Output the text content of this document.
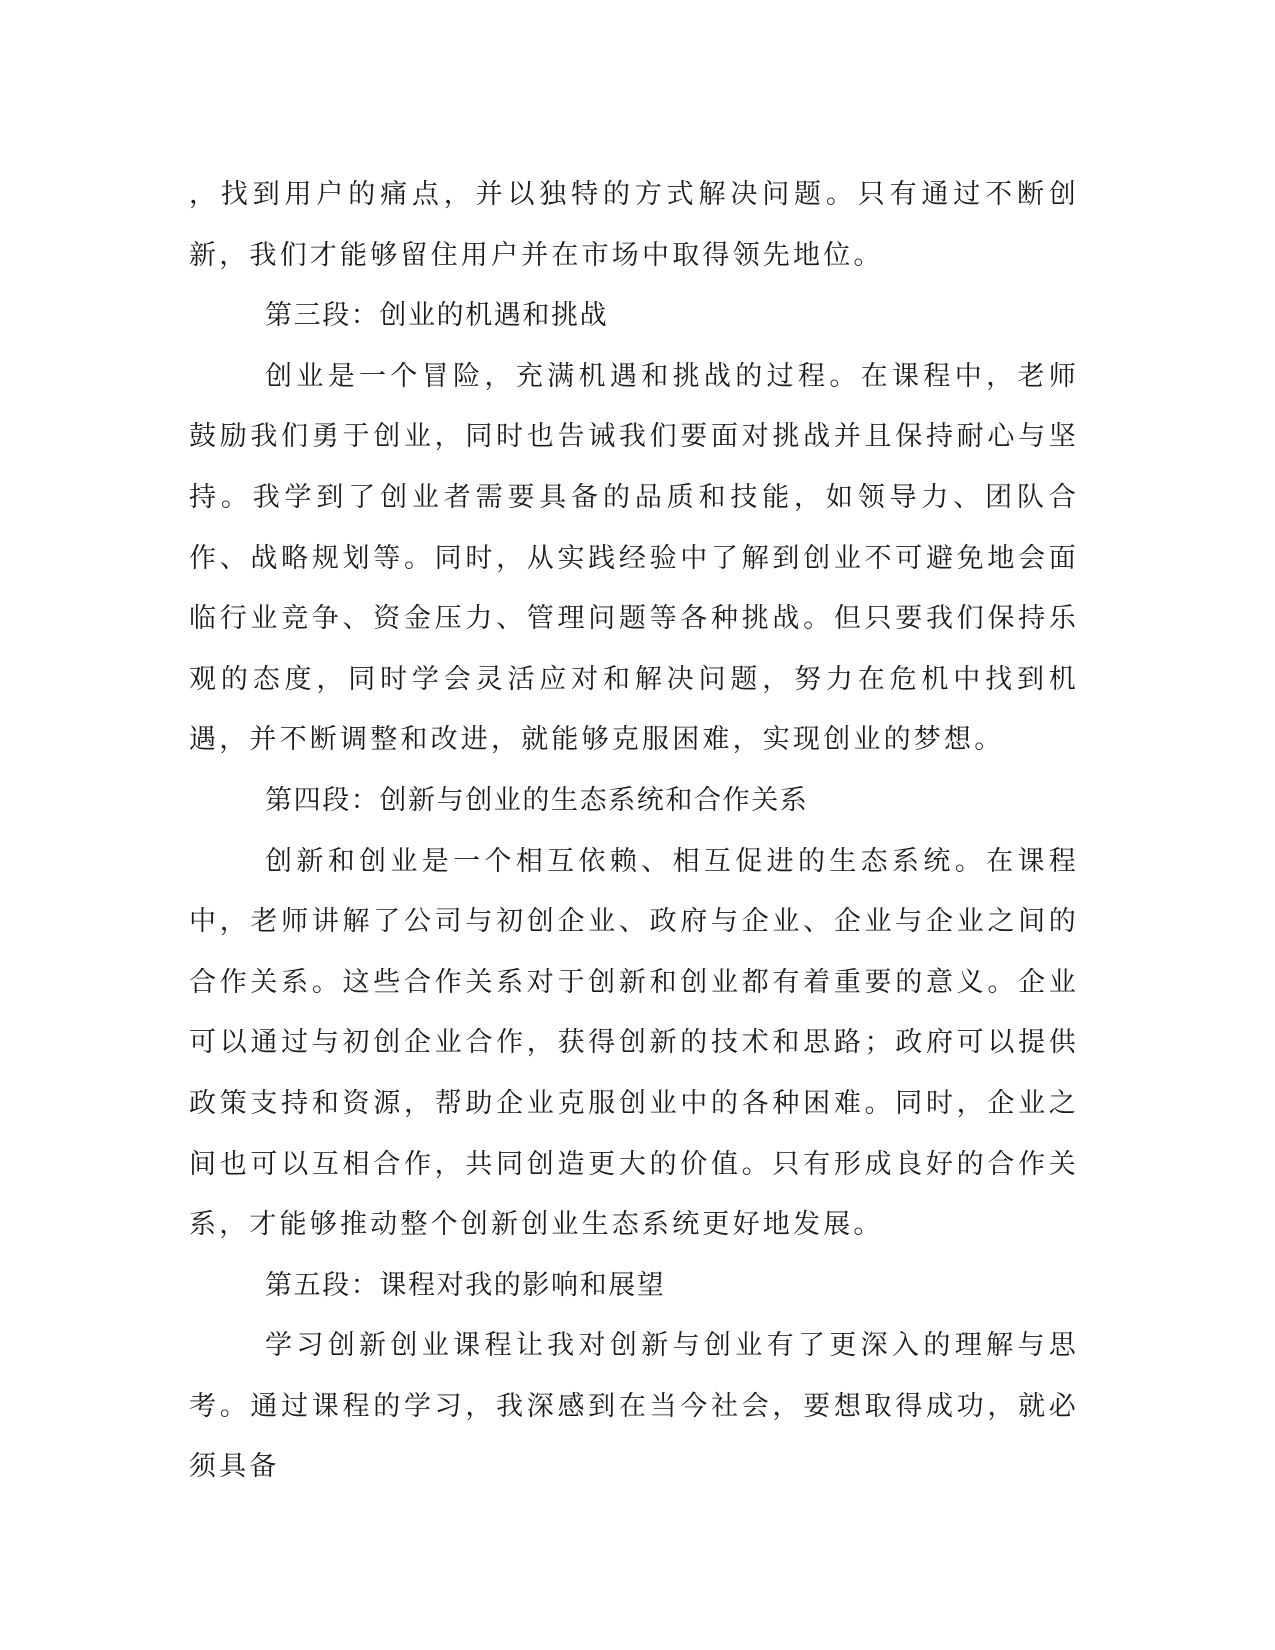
，找到用户的痛点，并以独特的方式解决问题。只有通过不断创新，我们才能够留住用户并在市场中取得领先地位。

第三段：创业的机遇和挑战

创业是一个冒险，充满机遇和挑战的过程。在课程中，老师鼓励我们勇于创业，同时也告诫我们要面对挑战并且保持耐心与坚持。我学到了创业者需要具备的品质和技能，如领导力、团队合作、战略规划等。同时，从实践经验中了解到创业不可避免地会面临行业竞争、资金压力、管理问题等各种挑战。但只要我们保持乐观的态度，同时学会灵活应对和解决问题，努力在危机中找到机遇，并不断调整和改进，就能够克服困难，实现创业的梦想。

第四段：创新与创业的生态系统和合作关系

创新和创业是一个相互依赖、相互促进的生态系统。在课程中，老师讲解了公司与初创企业、政府与企业、企业与企业之间的合作关系。这些合作关系对于创新和创业都有着重要的意义。企业可以通过与初创企业合作，获得创新的技术和思路；政府可以提供政策支持和资源，帮助企业克服创业中的各种困难。同时，企业之间也可以互相合作，共同创造更大的价值。只有形成良好的合作关系，才能够推动整个创新创业生态系统更好地发展。

第五段：课程对我的影响和展望

学习创新创业课程让我对创新与创业有了更深入的理解与思考。通过课程的学习，我深感到在当今社会，要想取得成功，就必须具备
